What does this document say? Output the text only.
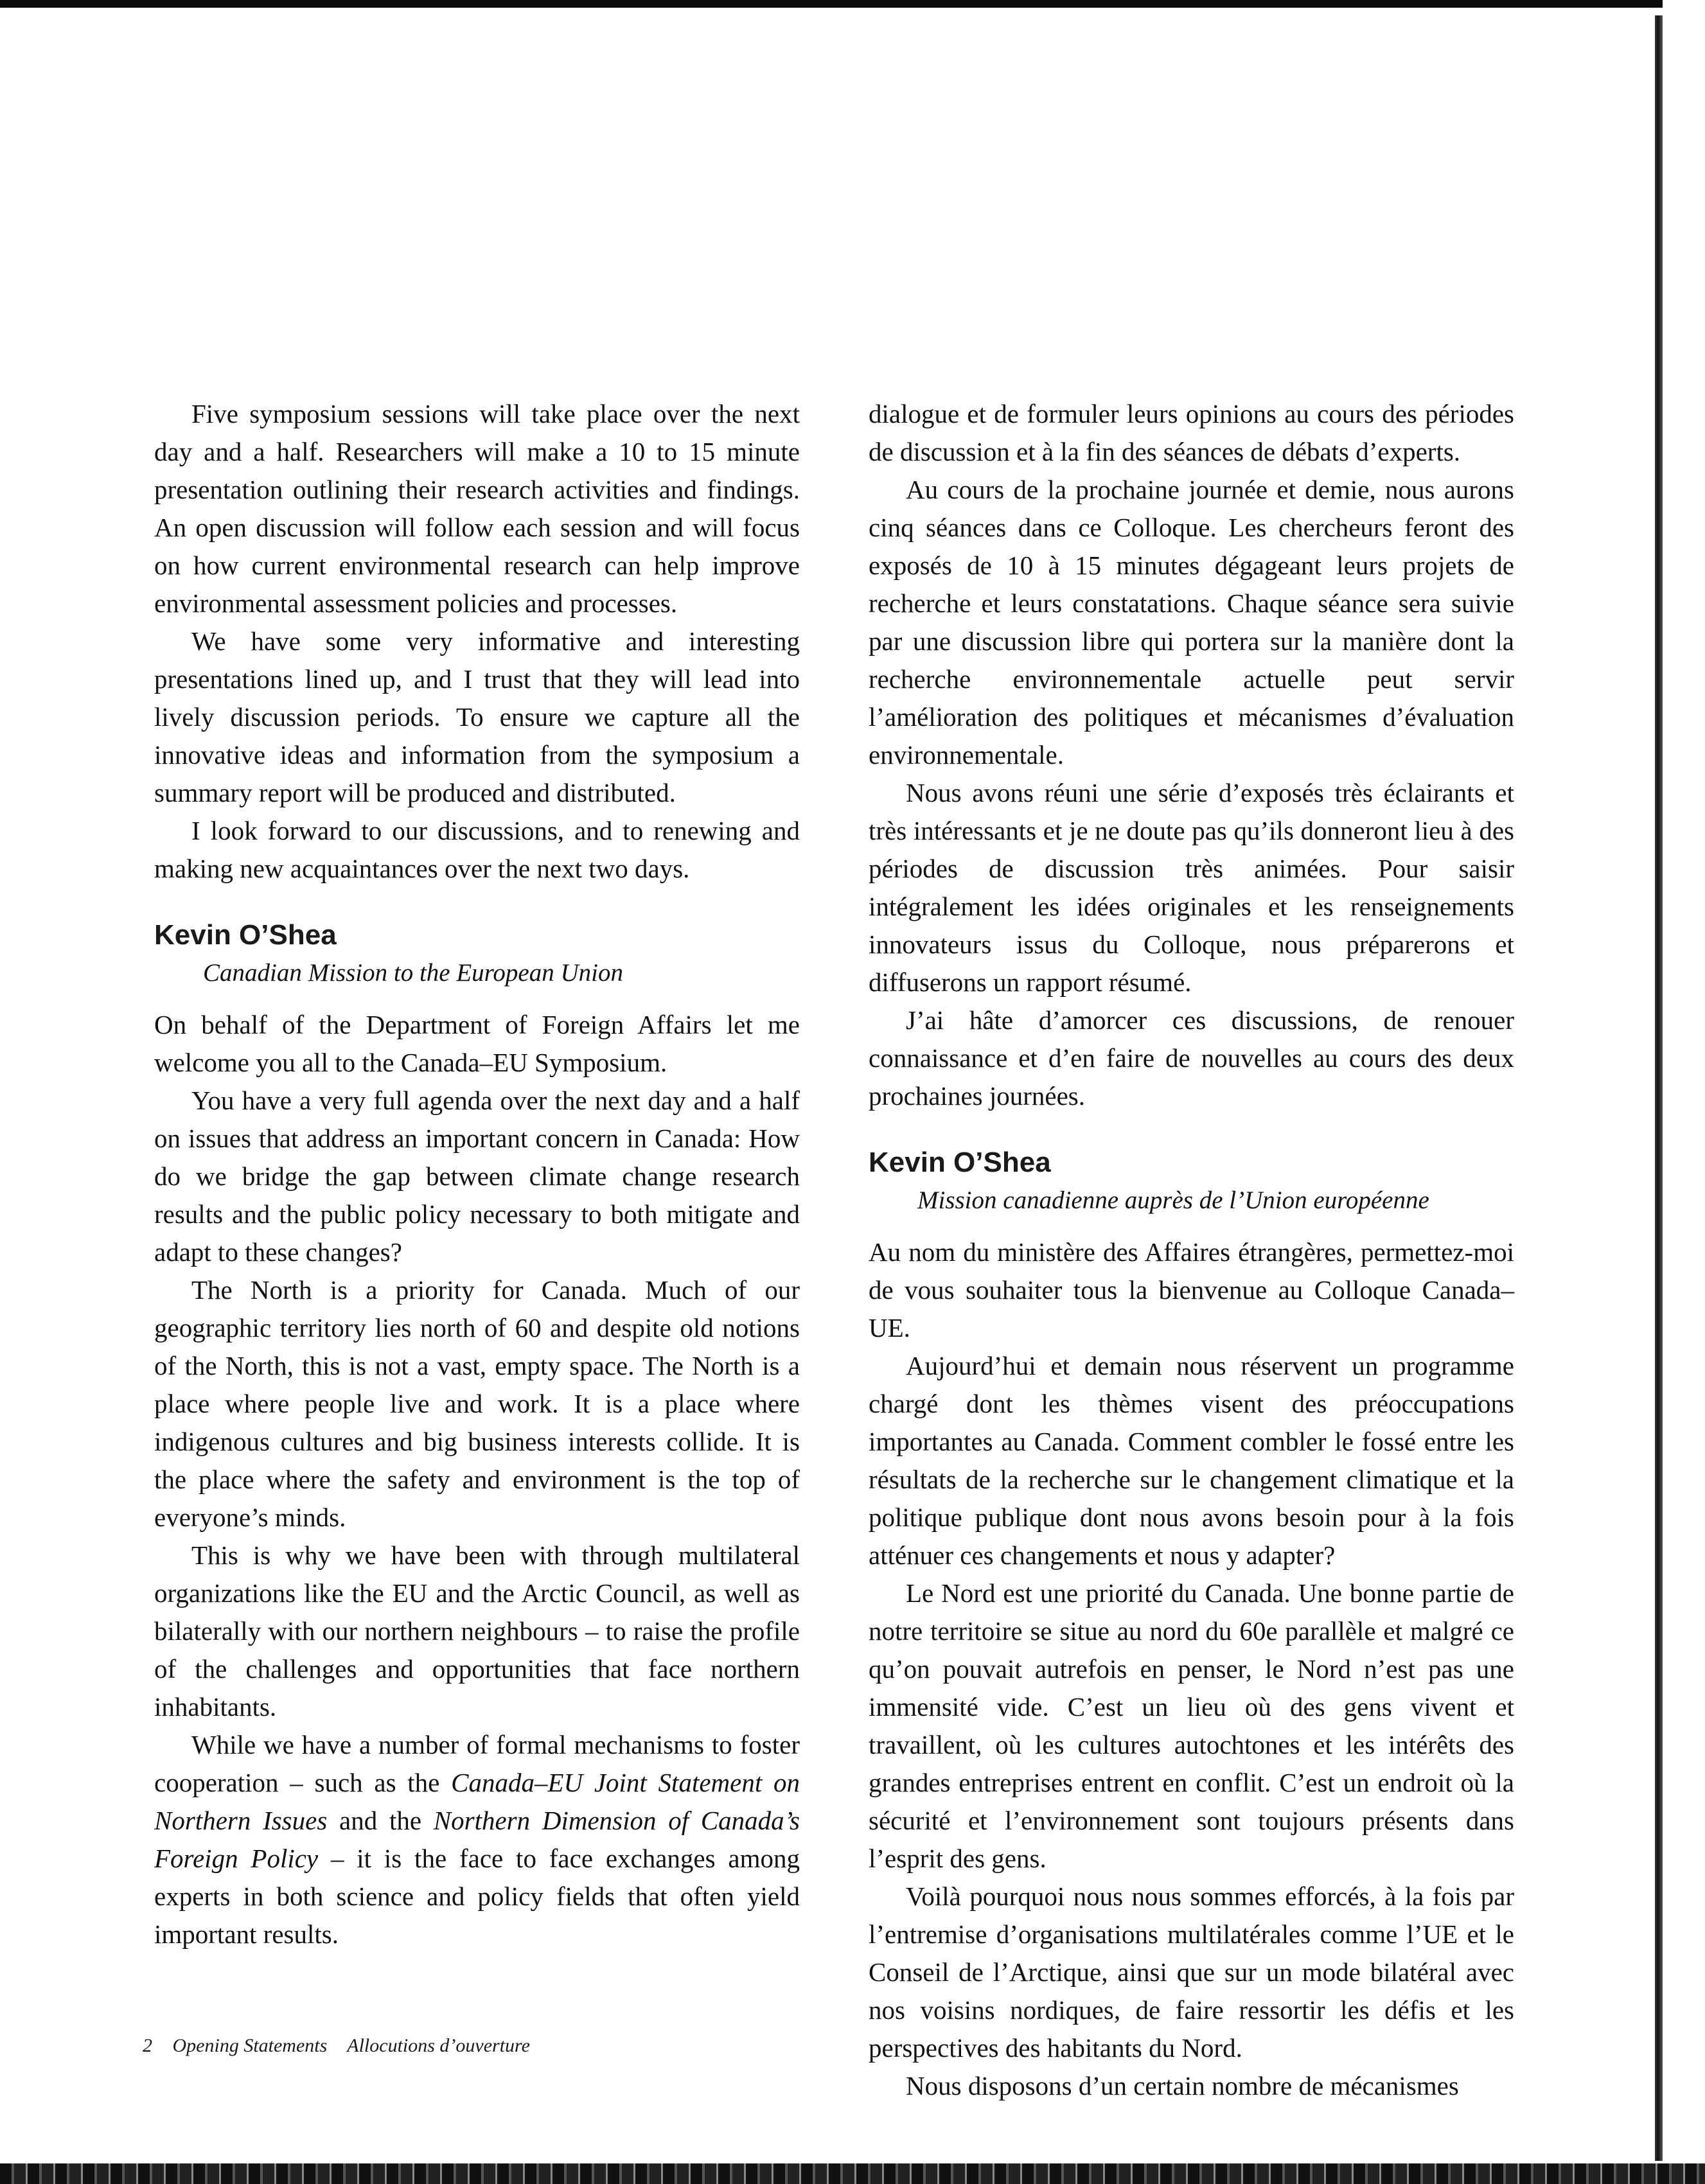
Five symposium sessions will take place over the next day and a half. Researchers will make a 10 to 15 minute presentation outlining their research activities and findings. An open discussion will follow each session and will focus on how current environmental research can help improve environmental assessment policies and processes.

We have some very informative and interesting presentations lined up, and I trust that they will lead into lively discussion periods. To ensure we capture all the innovative ideas and information from the symposium a summary report will be produced and distributed.

I look forward to our discussions, and to renewing and making new acquaintances over the next two days.

Kevin O’Shea
Canadian Mission to the European Union

On behalf of the Department of Foreign Affairs let me welcome you all to the Canada–EU Symposium.

You have a very full agenda over the next day and a half on issues that address an important concern in Canada: How do we bridge the gap between climate change research results and the public policy necessary to both mitigate and adapt to these changes?

The North is a priority for Canada. Much of our geographic territory lies north of 60 and despite old notions of the North, this is not a vast, empty space. The North is a place where people live and work. It is a place where indigenous cultures and big business interests collide. It is the place where the safety and environment is the top of everyone’s minds.

This is why we have been with through multilateral organizations like the EU and the Arctic Council, as well as bilaterally with our northern neighbours – to raise the profile of the challenges and opportunities that face northern inhabitants.

While we have a number of formal mechanisms to foster cooperation – such as the Canada–EU Joint Statement on Northern Issues and the Northern Dimension of Canada’s Foreign Policy – it is the face to face exchanges among experts in both science and policy fields that often yield important results.

dialogue et de formuler leurs opinions au cours des périodes de discussion et à la fin des séances de débats d’experts.

Au cours de la prochaine journée et demie, nous aurons cinq séances dans ce Colloque. Les chercheurs feront des exposés de 10 à 15 minutes dégageant leurs projets de recherche et leurs constatations. Chaque séance sera suivie par une discussion libre qui portera sur la manière dont la recherche environnementale actuelle peut servir l’amélioration des politiques et mécanismes d’évaluation environnementale.

Nous avons réuni une série d’exposés très éclairants et très intéressants et je ne doute pas qu’ils donneront lieu à des périodes de discussion très animées. Pour saisir intégralement les idées originales et les renseignements innovateurs issus du Colloque, nous préparerons et diffuserons un rapport résumé.

J’ai hâte d’amorcer ces discussions, de renouer connaissance et d’en faire de nouvelles au cours des deux prochaines journées.

Kevin O’Shea
Mission canadienne auprès de l’Union européenne

Au nom du ministère des Affaires étrangères, permettez-moi de vous souhaiter tous la bienvenue au Colloque Canada–UE.

Aujourd’hui et demain nous réservent un programme chargé dont les thèmes visent des préoccupations importantes au Canada. Comment combler le fossé entre les résultats de la recherche sur le changement climatique et la politique publique dont nous avons besoin pour à la fois atténuer ces changements et nous y adapter?

Le Nord est une priorité du Canada. Une bonne partie de notre territoire se situe au nord du 60e parallèle et malgré ce qu’on pouvait autrefois en penser, le Nord n’est pas une immensité vide. C’est un lieu où des gens vivent et travaillent, où les cultures autochtones et les intérêts des grandes entreprises entrent en conflit. C’est un endroit où la sécurité et l’environnement sont toujours présents dans l’esprit des gens.

Voilà pourquoi nous nous sommes efforcés, à la fois par l’entremise d’organisations multilatérales comme l’UE et le Conseil de l’Arctique, ainsi que sur un mode bilatéral avec nos voisins nordiques, de faire ressortir les défis et les perspectives des habitants du Nord.

Nous disposons d’un certain nombre de mécanismes

2 Opening Statements Allocutions d’ouverture
